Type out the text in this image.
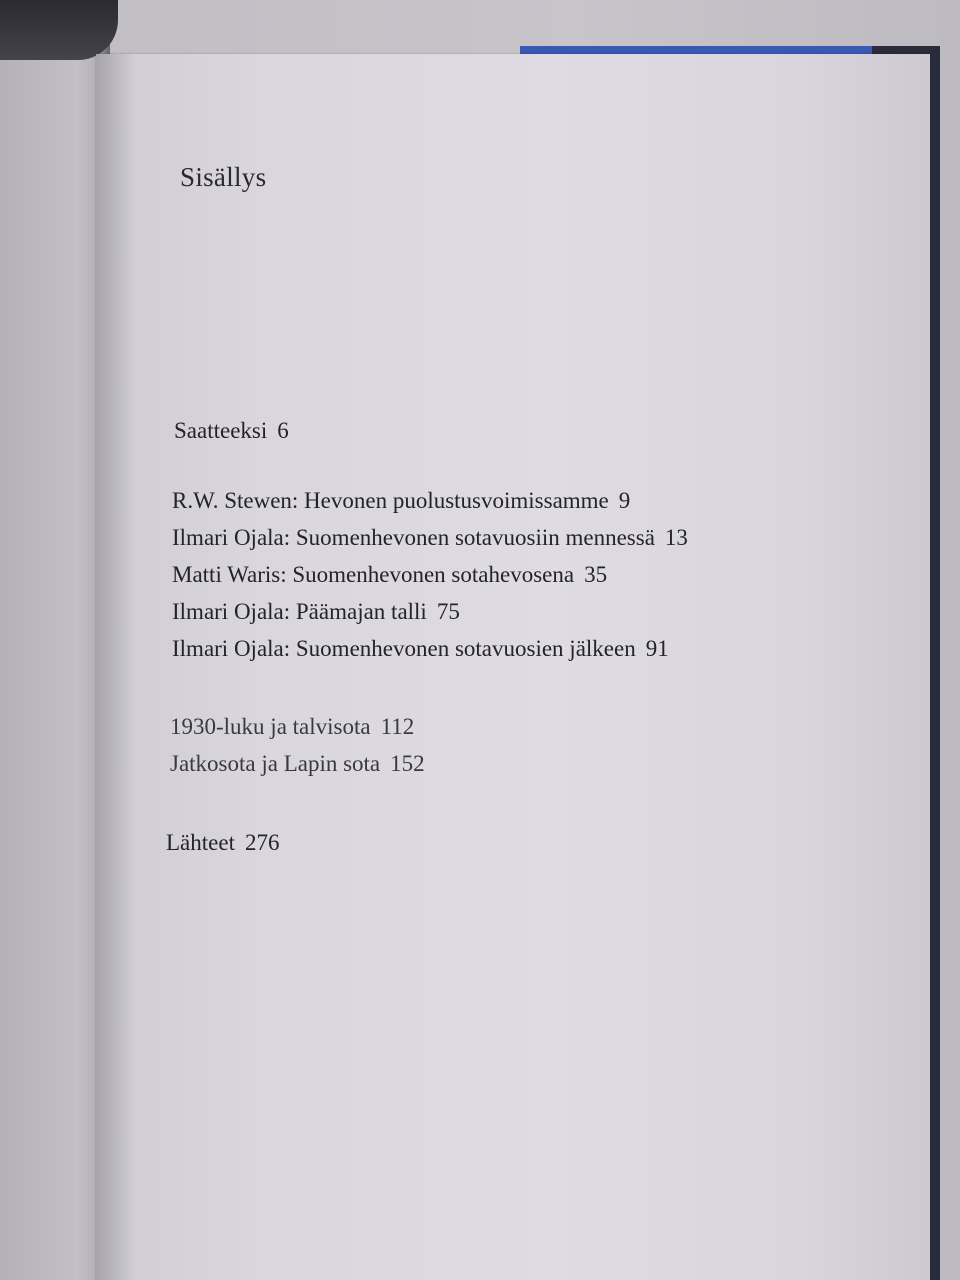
Sisällys
Saatteeksi 6
R.W. Stewen: Hevonen puolustusvoimissamme 9
Ilmari Ojala: Suomenhevonen sotavuosiin mennessä 13
Matti Waris: Suomenhevonen sotahevosena 35
Ilmari Ojala: Päämajan talli 75
Ilmari Ojala: Suomenhevonen sotavuosien jälkeen 91
1930-luku ja talvisota 112
Jatkosota ja Lapin sota 152
Lähteet 276
